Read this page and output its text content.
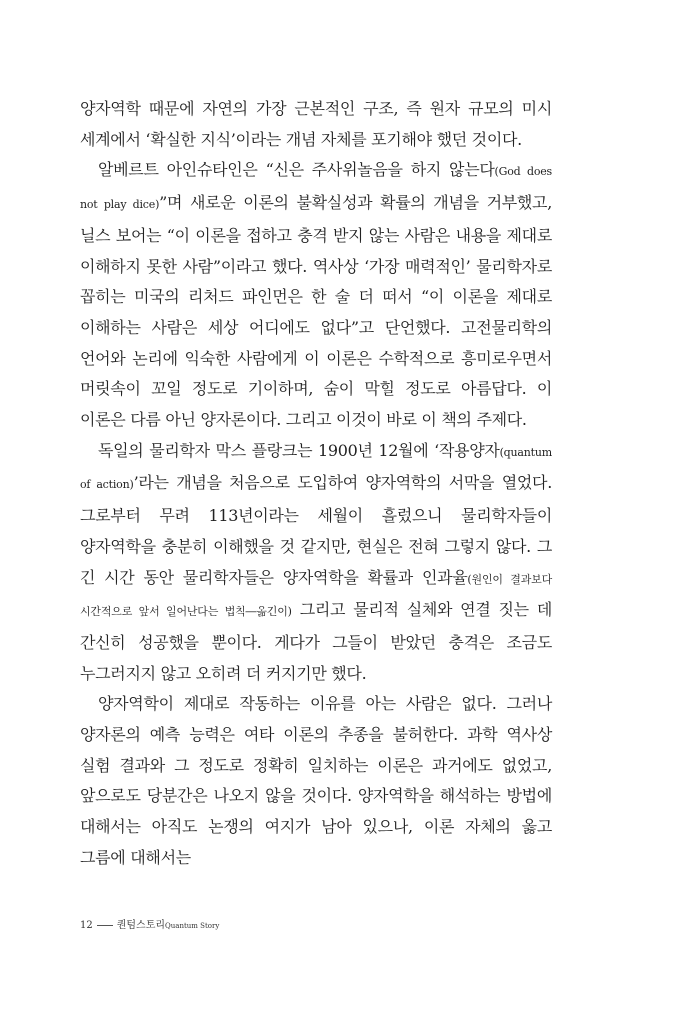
양자역학 때문에 자연의 가장 근본적인 구조, 즉 원자 규모의 미시 세계에서 ‘확실한 지식’이라는 개념 자체를 포기해야 했던 것이다.

알베르트 아인슈타인은 “신은 주사위놀음을 하지 않는다(God does not play dice)”며 새로운 이론의 불확실성과 확률의 개념을 거부했고, 닐스 보어는 “이 이론을 접하고 충격 받지 않는 사람은 내용을 제대로 이해하지 못한 사람”이라고 했다. 역사상 ‘가장 매력적인’ 물리학자로 꼽히는 미국의 리처드 파인먼은 한 술 더 떠서 “이 이론을 제대로 이해하는 사람은 세상 어디에도 없다”고 단언했다. 고전물리학의 언어와 논리에 익숙한 사람에게 이 이론은 수학적으로 흥미로우면서 머릿속이 꼬일 정도로 기이하며, 숨이 막힐 정도로 아름답다. 이 이론은 다름 아닌 양자론이다. 그리고 이것이 바로 이 책의 주제다.

독일의 물리학자 막스 플랑크는 1900년 12월에 ‘작용양자(quantum of action)’라는 개념을 처음으로 도입하여 양자역학의 서막을 열었다. 그로부터 무려 113년이라는 세월이 흘렀으니 물리학자들이 양자역학을 충분히 이해했을 것 같지만, 현실은 전혀 그렇지 않다. 그 긴 시간 동안 물리학자들은 양자역학을 확률과 인과율(원인이 결과보다 시간적으로 앞서 일어난다는 법칙―옮긴이) 그리고 물리적 실체와 연결 짓는 데 간신히 성공했을 뿐이다. 게다가 그들이 받았던 충격은 조금도 누그러지지 않고 오히려 더 커지기만 했다.

양자역학이 제대로 작동하는 이유를 아는 사람은 없다. 그러나 양자론의 예측 능력은 여타 이론의 추종을 불허한다. 과학 역사상 실험 결과와 그 정도로 정확히 일치하는 이론은 과거에도 없었고, 앞으로도 당분간은 나오지 않을 것이다. 양자역학을 해석하는 방법에 대해서는 아직도 논쟁의 여지가 남아 있으나, 이론 자체의 옳고 그름에 대해서는

12 퀀텀스토리Quantum Story
